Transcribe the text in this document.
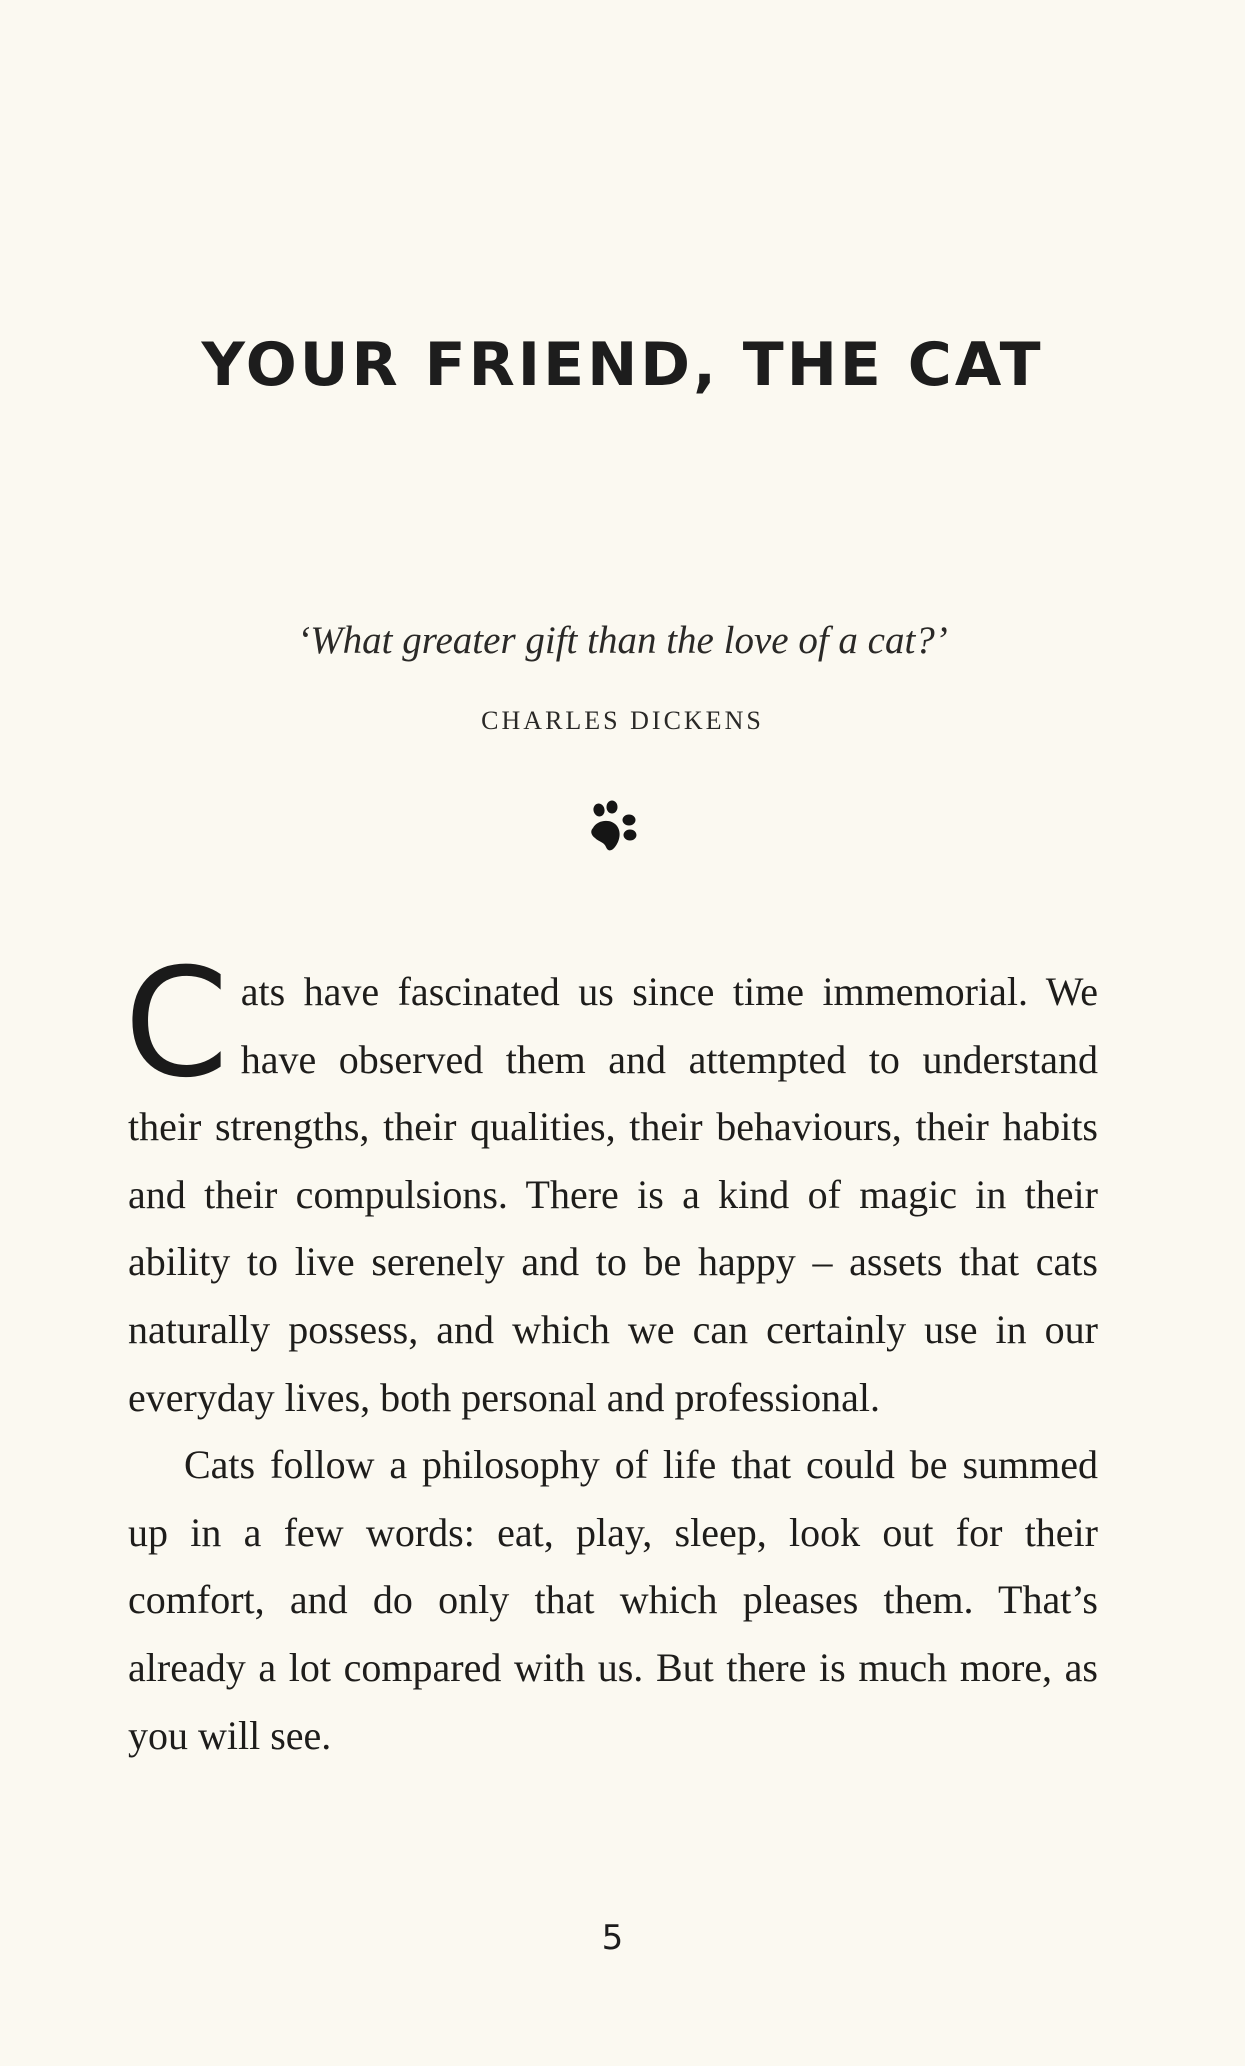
YOUR FRIEND, THE CAT

‘What greater gift than the love of a cat?’

CHARLES DICKENS

Cats have fascinated us since time immemorial. We have observed them and attempted to understand their strengths, their qualities, their behaviours, their habits and their compulsions. There is a kind of magic in their ability to live serenely and to be happy – assets that cats naturally possess, and which we can certainly use in our everyday lives, both personal and professional.

Cats follow a philosophy of life that could be summed up in a few words: eat, play, sleep, look out for their comfort, and do only that which pleases them. That’s already a lot compared with us. But there is much more, as you will see.

5
